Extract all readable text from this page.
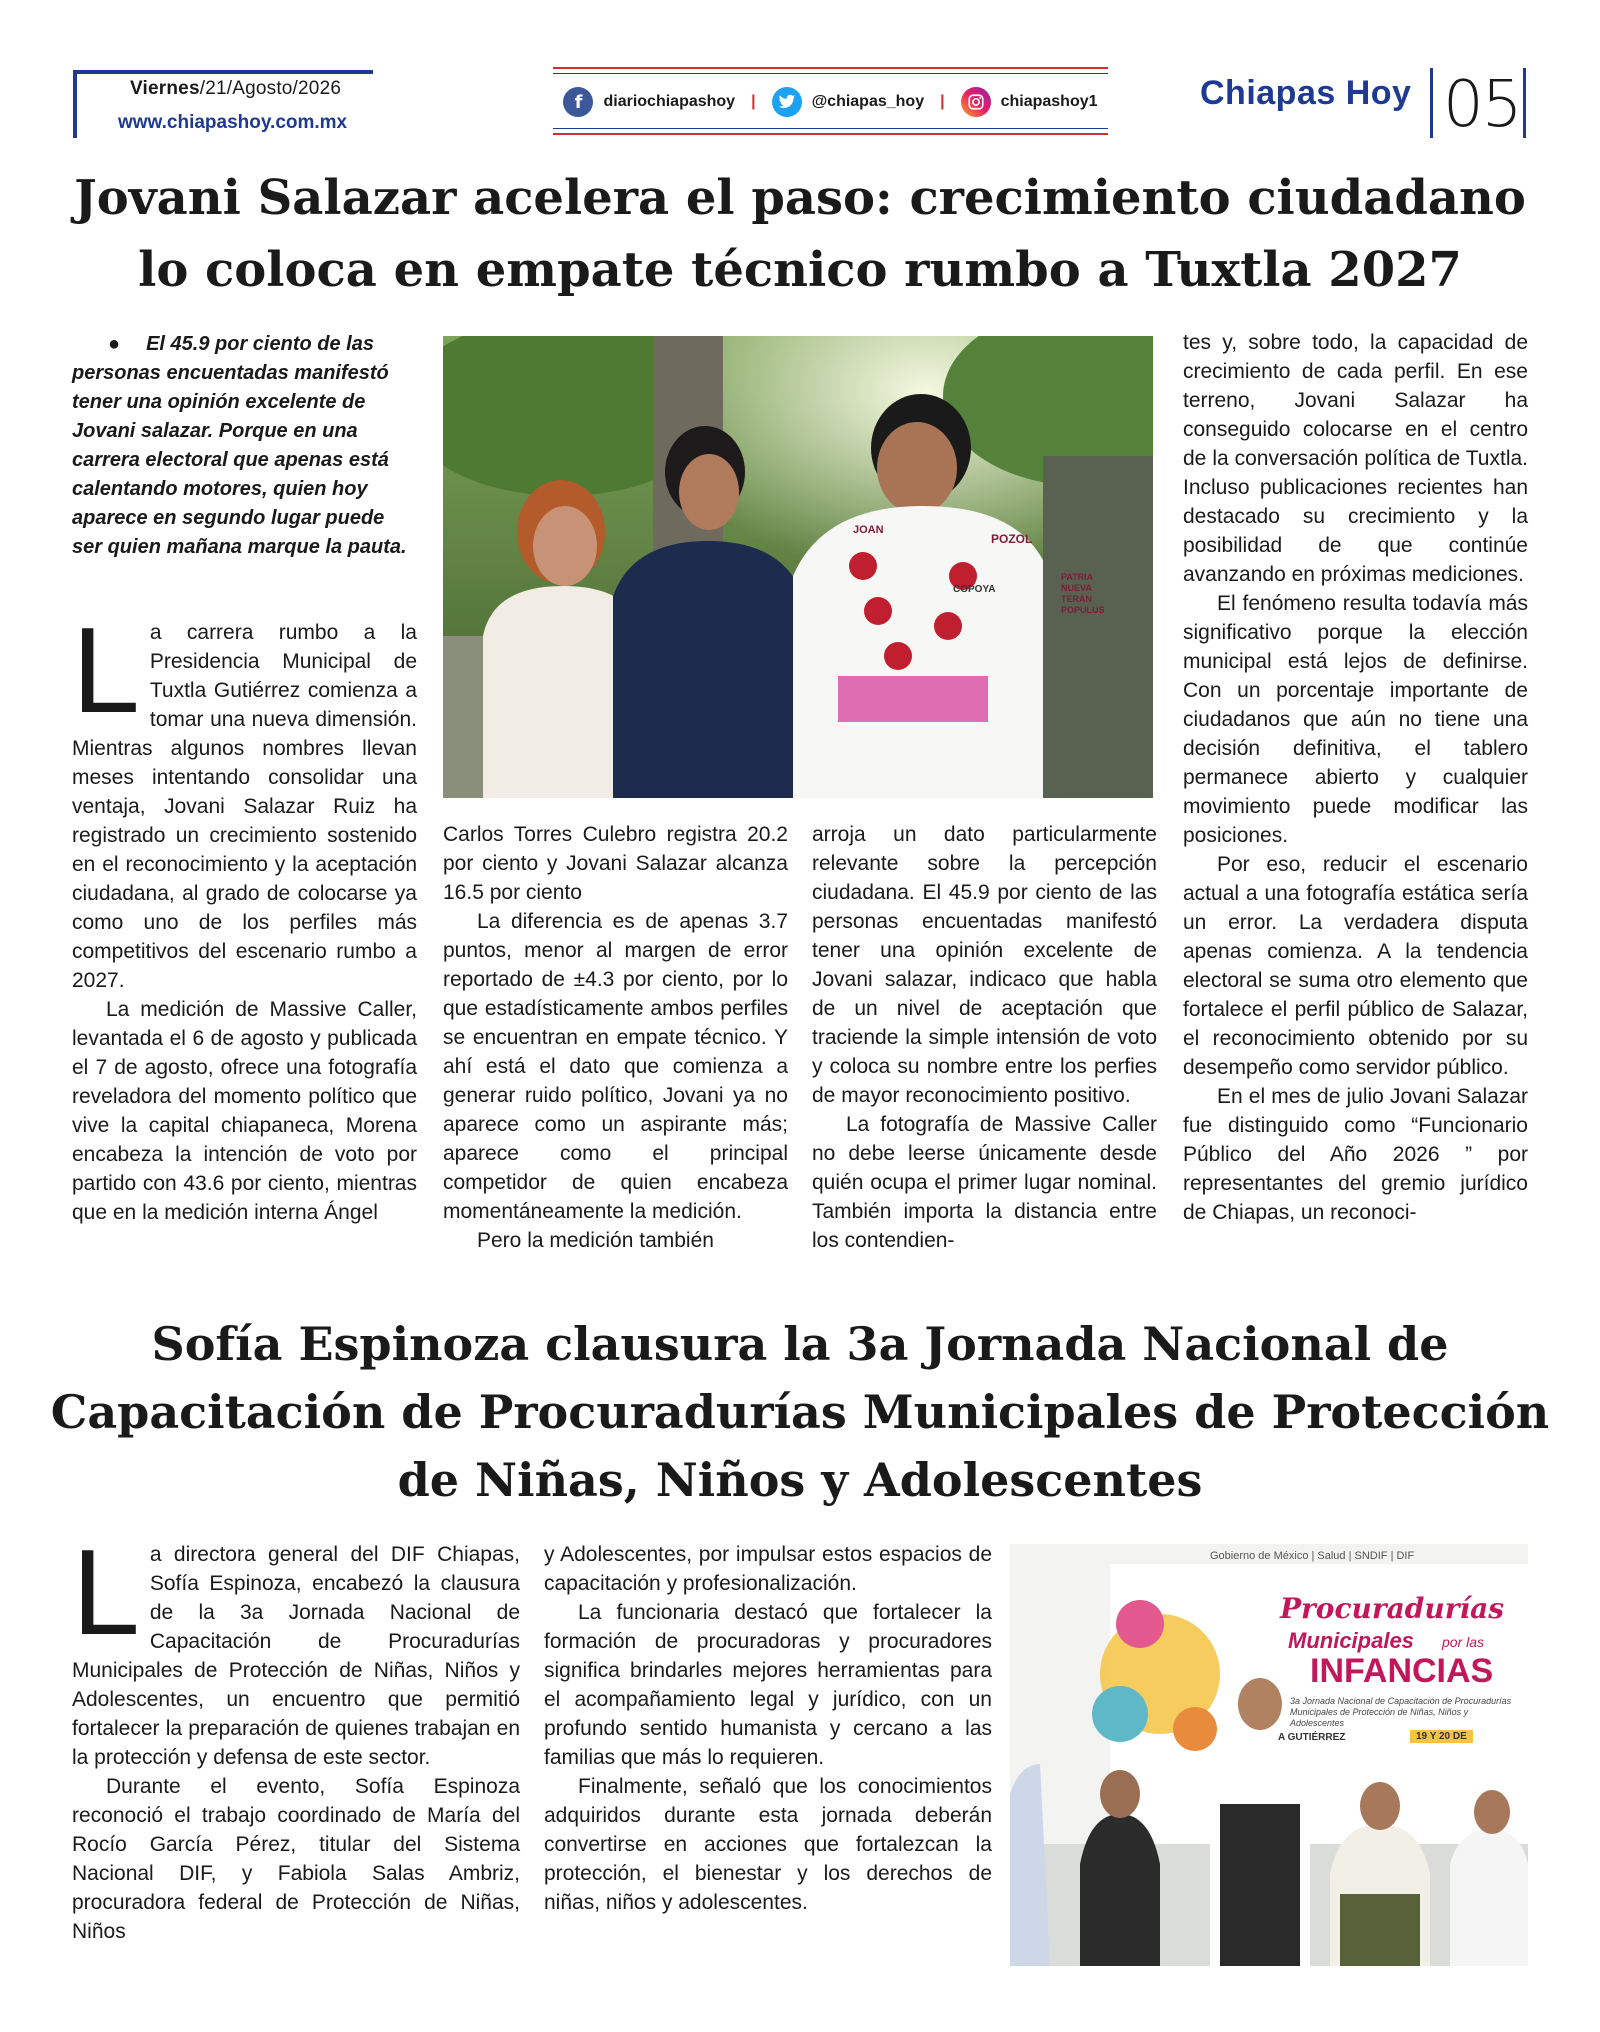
Viernes/21/Agosto/2026
www.chiapashoy.com.mx
f	diariochiapashoy |	@chiapas_hoy |	chiapashoy1	Chiapas Hoy 05
Jovani Salazar acelera el paso: crecimiento ciudadano
lo coloca en empate técnico rumbo a Tuxtla 2027
● El 45.9 por ciento de las personas encuentadas manifestó tener una opinión excelente de Jovani salazar. Porque en una carrera electoral que apenas está calentando motores, quien hoy aparece en segundo lugar puede ser quien mañana marque la pauta.
L a carrera rumbo a la Presidencia Municipal de Tuxtla Gutiérrez comienza a tomar una nueva dimensión. Mientras algunos nombres llevan meses intentando consolidar una ventaja, Jovani Salazar Ruiz ha registrado un crecimiento sostenido en el reconocimiento y la aceptación ciudadana, al grado de colocarse ya como uno de los perfiles más competitivos del escenario rumbo a 2027.

La medición de Massive Caller, levantada el 6 de agosto y publicada el 7 de agosto, ofrece una fotografía reveladora del momento político que vive la capital chiapaneca, Morena encabeza la intención de voto por partido con 43.6 por ciento, mientras que en la medición interna Ángel

JOAN
POZOL
COPOYA
PATRIA NUEVA TERÁN POPULUS

Carlos Torres Culebro registra 20.2 por ciento y Jovani Salazar alcanza 16.5 por ciento

La diferencia es de apenas 3.7 puntos, menor al margen de error reportado de ±4.3 por ciento, por lo que estadísticamente ambos perfiles se encuentran en empate técnico. Y ahí está el dato que comienza a generar ruido político, Jovani ya no aparece como un aspirante más; aparece como el principal competidor de quien encabeza momentáneamente la medición.

Pero la medición también

arroja un dato particularmente relevante sobre la percepción ciudadana. El 45.9 por ciento de las personas encuentadas manifestó tener una opinión excelente de Jovani salazar, indicaco que habla de un nivel de aceptación que traciende la simple intensión de voto y coloca su nombre entre los perfies de mayor reconocimiento positivo.

La fotografía de Massive Caller no debe leerse únicamente desde quién ocupa el primer lugar nominal. También importa la distancia entre los contendien-

tes y, sobre todo, la capacidad de crecimiento de cada perfil. En ese terreno, Jovani Salazar ha conseguido colocarse en el centro de la conversación política de Tuxtla. Incluso publicaciones recientes han destacado su crecimiento y la posibilidad de que continúe avanzando en próximas mediciones.

El fenómeno resulta todavía más significativo porque la elección municipal está lejos de definirse. Con un porcentaje importante de ciudadanos que aún no tiene una decisión definitiva, el tablero permanece abierto y cualquier movimiento puede modificar las posiciones.

Por eso, reducir el escenario actual a una fotografía estática sería un error. La verdadera disputa apenas comienza. A la tendencia electoral se suma otro elemento que fortalece el perfil público de Salazar, el reconocimiento obtenido por su desempeño como servidor público.

En el mes de julio Jovani Salazar fue distinguido como “Funcionario Público del Año 2026 ” por representantes del gremio jurídico de Chiapas, un reconoci-

Sofía Espinoza clausura la 3a Jornada Nacional de
Capacitación de Procuradurías Municipales de Protección
de Niñas, Niños y Adolescentes
L a directora general del DIF Chiapas, Sofía Espinoza, encabezó la clausura de la 3a Jornada Nacional de Capacitación de Procuradurías Municipales de Protección de Niñas, Niños y Adolescentes, un encuentro que permitió fortalecer la preparación de quienes trabajan en la protección y defensa de este sector.

Durante el evento, Sofía Espinoza reconoció el trabajo coordinado de María del Rocío García Pérez, titular del Sistema Nacional DIF, y Fabiola Salas Ambriz, procuradora federal de Protección de Niñas, Niños

y Adolescentes, por impulsar estos espacios de capacitación y profesionalización.

La funcionaria destacó que fortalecer la formación de procuradoras y procuradores significa brindarles mejores herramientas para el acompañamiento legal y jurídico, con un profundo sentido humanista y cercano a las familias que más lo requieren.

Finalmente, señaló que los conocimientos adquiridos durante esta jornada deberán convertirse en acciones que fortalezcan la protección, el bienestar y los derechos de niñas, niños y adolescentes.

Gobierno de México | Salud | SNDIF | DIF
Procuradurías
Municipales por las
INFANCIAS
3a Jornada Nacional de Capacitación de Procuradurías Municipales de Protección de Niñas, Niños y Adolescentes
A GUTIÉRREZ	19 Y 20 DE
